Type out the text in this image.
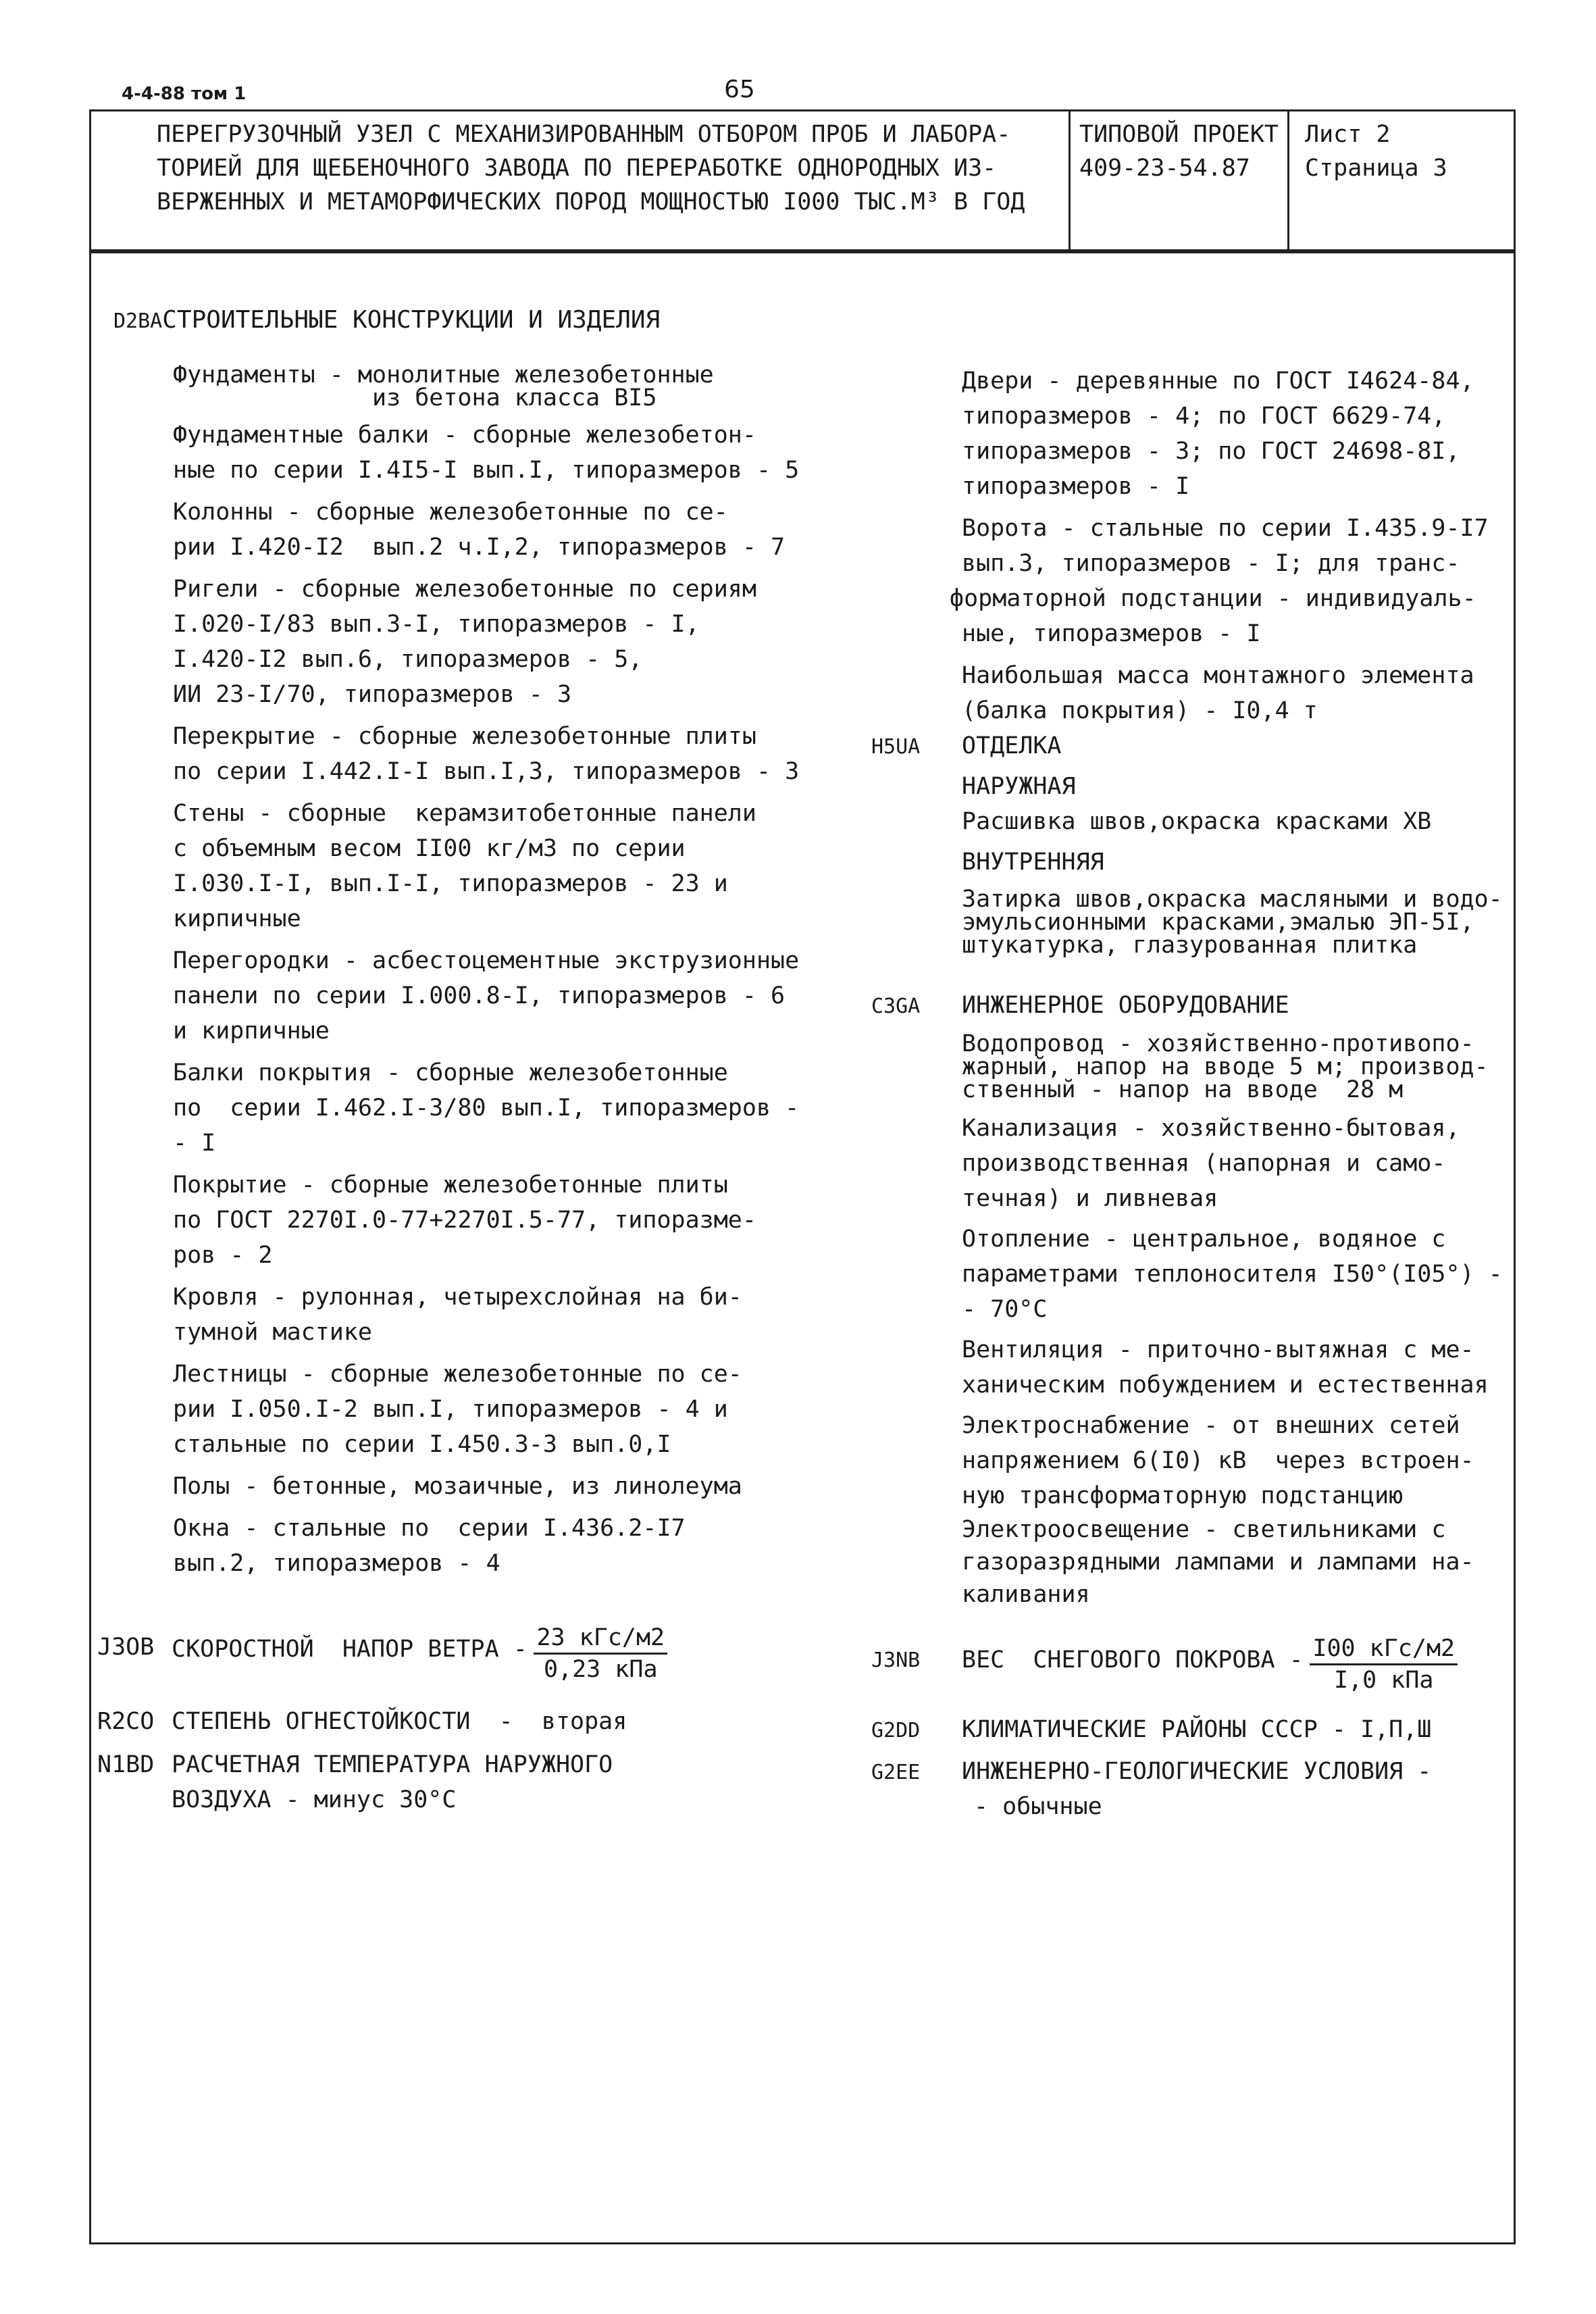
4-4-88 том 1	65
ПЕРЕГРУЗОЧНЫЙ УЗЕЛ С МЕХАНИЗИРОВАННЫМ ОТБОРОМ ПРОБ И ЛАБОРА-
ТОРИЕЙ ДЛЯ ЩЕБЕНОЧНОГО ЗАВОДА ПО ПЕРЕРАБОТКЕ ОДНОРОДНЫХ ИЗ-
ВЕРЖЕННЫХ И МЕТАМОРФИЧЕСКИХ ПОРОД МОЩНОСТЬЮ I000 ТЫС.М³ В ГОД
ТИПОВОЙ ПРОЕКТ
409-23-54.87
Лист 2
Страница 3
D2BAСТРОИТЕЛЬНЫЕ КОНСТРУКЦИИ И ИЗДЕЛИЯ
Фундаменты - монолитные железобетонные
из бетона класса BI5
Фундаментные балки - сборные железобетон-
ные по серии I.4I5-I вып.I, типоразмеров - 5
Колонны - сборные железобетонные по се-
рии I.420-I2  вып.2 ч.I,2, типоразмеров - 7
Ригели - сборные железобетонные по сериям
I.020-I/83 вып.3-I, типоразмеров - I,
I.420-I2 вып.6, типоразмеров - 5,
ИИ 23-I/70, типоразмеров - 3
Перекрытие - сборные железобетонные плиты
по серии I.442.I-I вып.I,3, типоразмеров - 3
Стены - сборные  керамзитобетонные панели
с объемным весом II00 кг/м3 по серии
I.030.I-I, вып.I-I, типоразмеров - 23 и
кирпичные
Перегородки - асбестоцементные экструзионные
панели по серии I.000.8-I, типоразмеров - 6
и кирпичные
Балки покрытия - сборные железобетонные
по  серии I.462.I-3/80 вып.I, типоразмеров -
- I
Покрытие - сборные железобетонные плиты
по ГОСТ 2270I.0-77+2270I.5-77, типоразме-
ров - 2
Кровля - рулонная, четырехслойная на би-
тумной мастике
Лестницы - сборные железобетонные по се-
рии I.050.I-2 вып.I, типоразмеров - 4 и
стальные по серии I.450.3-3 вып.0,I
Полы - бетонные, мозаичные, из линолеума
Окна - стальные по  серии I.436.2-I7
вып.2, типоразмеров - 4
J3OB СКОРОСТНОЙ  НАПОР ВЕТРА - $\frac{\text{23 кГс/м2}}{\text{0,23 кПа}}$
R2CO СТЕПЕНЬ ОГНЕСТОЙКОСТИ  -  вторая
N1BD РАСЧЕТНАЯ ТЕМПЕРАТУРА НАРУЖНОГО
ВОЗДУХА - минус 30°С
Двери - деревянные по ГОСТ I4624-84,
типоразмеров - 4; по ГОСТ 6629-74,
типоразмеров - 3; по ГОСТ 24698-8I,
типоразмеров - I
Ворота - стальные по серии I.435.9-I7
вып.3, типоразмеров - I; для транс-
форматорной подстанции - индивидуаль-
ные, типоразмеров - I
Наибольшая масса монтажного элемента
(балка покрытия) - I0,4 т
H5UA ОТДЕЛКА
НАРУЖНАЯ
Расшивка швов,окраска красками ХВ
ВНУТРЕННЯЯ
Затирка швов,окраска масляными и водо-
эмульсионными красками,эмалью ЭП-5I,
штукатурка, глазурованная плитка
C3GA ИНЖЕНЕРНОЕ ОБОРУДОВАНИЕ
Водопровод - хозяйственно-противопо-
жарный, напор на вводе 5 м; производ-
ственный - напор на вводе  28 м
Канализация - хозяйственно-бытовая,
производственная (напорная и само-
течная) и ливневая
Отопление - центральное, водяное с
параметрами теплоносителя I50°(I05°) -
- 70°С
Вентиляция - приточно-вытяжная с ме-
ханическим побуждением и естественная
Электроснабжение - от внешних сетей
напряжением 6(I0) кВ  через встроен-
ную трансформаторную подстанцию
Электроосвещение - светильниками с
газоразрядными лампами и лампами на-
каливания
J3NB ВЕС  СНЕГОВОГО ПОКРОВА - $\frac{\text{I00 кГс/м2}}{\text{I,0 кПа}}$
G2DD КЛИМАТИЧЕСКИЕ РАЙОНЫ СССР - I,П,Ш
G2EE ИНЖЕНЕРНО-ГЕОЛОГИЧЕСКИЕ УСЛОВИЯ -
- обычные
